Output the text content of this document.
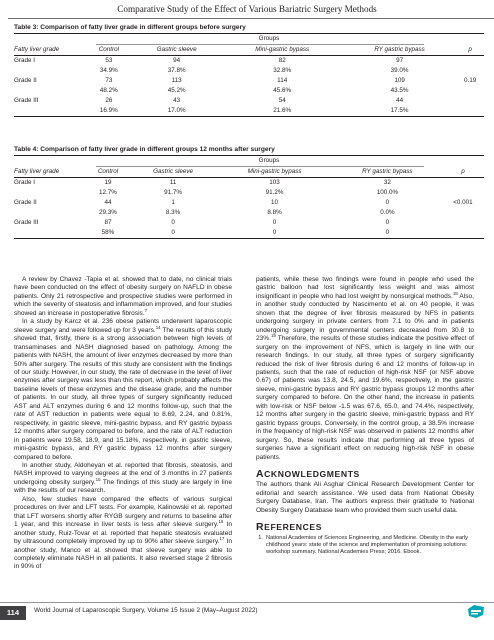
Comparative Study of the Effect of Various Bariatric Surgery Methods
Table 3: Comparison of fatty liver grade in different groups before surgery
Groups
Fatty liver grade	Control	Gastric sleeve	Mini-gastric bypass	RY gastric bypass	p
Grade I	53	94	82	97	
	34.9%	37.8%	32.8%	39.0%	
Grade II	73	113	114	109	0.19
	48.2%	45.2%	45.6%	43.5%	
Grade III	26	43	54	44	
	16.9%	17.0%	21.6%	17.5%	
Table 4: Comparison of fatty liver grade in different groups 12 months after surgery
Groups
Fatty liver grade	Control	Gastric sleeve	Mini-gastric bypass	RY gastric bypass	p
Grade I	19	11	103	32	
	12.7%	91.7%	91.2%	100.0%	
Grade II	44	1	10	0	<0.001
	29.3%	8.3%	8.8%	0.0%	
Grade III	87	0	0	0	
	58%	0	0	0	

A review by Chavez -Tapia et al. showed that to date, no clinical trials have been conducted on the effect of obesity surgery on NAFLD in obese patients. Only 21 retrospective and prospective studies were performed in which the severity of steatosis and inflammation improved, and four studies showed an increase in postoperative fibrosis.$^7$

In a study by Karcz et al. 236 obese patients underwent laparoscopic sleeve surgery and were followed up for 3 years.$^{14}$ The results of this study showed that, firstly, there is a strong association between high levels of transaminases and NASH diagnosed based on pathology. Among the patients with NASH, the amount of liver enzymes decreased by more than 50% after surgery. The results of this study are consistent with the findings of our study. However, in our study, the rate of decrease in the level of liver enzymes after surgery was less than this report, which probably affects the baseline levels of these enzymes and the disease grade, and the number of patients. In our study, all three types of surgery significantly reduced AST and ALT enzymes during 6 and 12 months follow-up, such that the rate of AST reduction in patients were equal to 8.69, 2.24, and 0.81%, respectively, in gastric sleeve, mini-gastric bypass, and RY gastric bypass 12 months after surgery compared to before, and the rate of ALT reduction in patients were 19.58, 18.9, and 15.18%, respectively, in gastric sleeve, mini-gastric bypass, and RY gastric bypass 12 months after surgery compared to before.

In another study, Aldoheyan et al. reported that fibrosis, steatosis, and NASH improved to varying degrees at the end of 3 months in 27 patients undergoing obesity surgery.$^{15}$ The findings of this study are largely in line with the results of our research.

Also, few studies have compared the effects of various surgical procedures on liver and LFT tests. For example, Kalinowski et al. reported that LFT worsens shortly after RYGB surgery and returns to baseline after 1 year, and this increase in liver tests is less after sleeve surgery.$^{16}$ In another study, Ruiz-Tovar et al. reported that hepatic steatosis evaluated by ultrasound completely improved by up to 90% after sleeve surgery.$^{17}$ In another study, Manco et al. showed that sleeve surgery was able to completely eliminate NASH in all patients. It also reversed stage 2 fibrosis in 90% of

patients, while these two findings were found in people who used the gastric balloon had lost significantly less weight and was almost insignificant in people who had lost weight by nonsurgical methods.$^{18}$ Also, in another study conducted by Nascimento et al. on 40 people, it was shown that the degree of liver fibrosis measured by NFS in patients undergoing surgery in private centers from 7.1 to 0% and in patients undergoing surgery in governmental centers decreased from 30.8 to 23%.$^{19}$ Therefore, the results of these studies indicate the positive effect of surgery on the improvement of NFS, which is largely in line with our research findings. In our study, all three types of surgery significantly reduced the risk of liver fibrosis during 6 and 12 months of follow-up in patients, such that the rate of reduction of high-risk NSF (or NSF above 0.67) of patients was 13.8, 24.5, and 19.6%, respectively, in the gastric sleeve, mini-gastric bypass and RY gastric bypass groups 12 months after surgery compared to before. On the other hand, the increase in patients with low-risk or NSF below -1.5 was 67.6, 65.0, and 74.4%, respectively, 12 months after surgery in the gastric sleeve, mini-gastric bypass and RY gastric bypass groups. Conversely, in the control group, a 38.5% increase in the frequency of high-risk NSF was observed in patients 12 months after surgery. So, these results indicate that performing all three types of surgeries have a significant effect on reducing high-risk NSF in obese patients.

ACKNOWLEDGMENTS

The authors thank Ali Asghar Clinical Research Development Center for editorial and search assistance. We used data from National Obesity Surgery Database, Iran. The authors express their gratitude to National Obesity Surgery Database team who provided them such useful data.

REFERENCES
1. National Academies of Sciences Engineering, and Medicine. Obesity in the early childhood years: state of the science and implementation of promising solutions: workshop summary. National Academies Press; 2016. Ebook.
114	World Journal of Laparoscopic Surgery, Volume 15 Issue 2 (May–August 2022)
